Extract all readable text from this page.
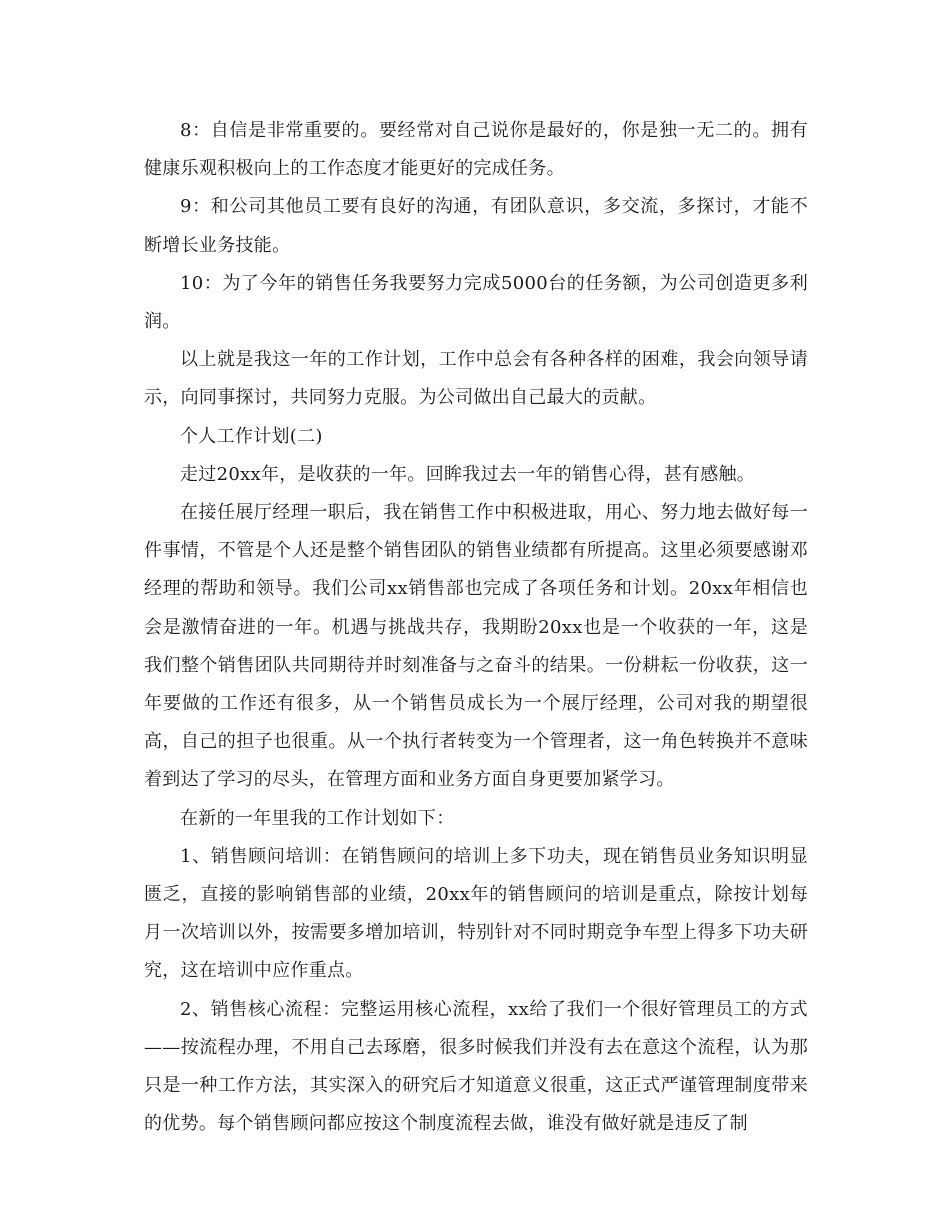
8：自信是非常重要的。要经常对自己说你是最好的，你是独一无二的。拥有健康乐观积极向上的工作态度才能更好的完成任务。

9：和公司其他员工要有良好的沟通，有团队意识，多交流，多探讨，才能不断增长业务技能。

10：为了今年的销售任务我要努力完成5000台的任务额，为公司创造更多利润。

以上就是我这一年的工作计划，工作中总会有各种各样的困难，我会向领导请示，向同事探讨，共同努力克服。为公司做出自己最大的贡献。

个人工作计划(二)

走过20xx年，是收获的一年。回眸我过去一年的销售心得，甚有感触。

在接任展厅经理一职后，我在销售工作中积极进取，用心、努力地去做好每一件事情，不管是个人还是整个销售团队的销售业绩都有所提高。这里必须要感谢邓经理的帮助和领导。我们公司xx销售部也完成了各项任务和计划。20xx年相信也会是激情奋进的一年。机遇与挑战共存，我期盼20xx也是一个收获的一年，这是我们整个销售团队共同期待并时刻准备与之奋斗的结果。一份耕耘一份收获，这一年要做的工作还有很多，从一个销售员成长为一个展厅经理，公司对我的期望很高，自己的担子也很重。从一个执行者转变为一个管理者，这一角色转换并不意味着到达了学习的尽头，在管理方面和业务方面自身更要加紧学习。

在新的一年里我的工作计划如下：

1、销售顾问培训：在销售顾问的培训上多下功夫，现在销售员业务知识明显匮乏，直接的影响销售部的业绩，20xx年的销售顾问的培训是重点，除按计划每月一次培训以外，按需要多增加培训，特别针对不同时期竞争车型上得多下功夫研究，这在培训中应作重点。

2、销售核心流程：完整运用核心流程，xx给了我们一个很好管理员工的方式——按流程办理，不用自己去琢磨，很多时候我们并没有去在意这个流程，认为那只是一种工作方法，其实深入的研究后才知道意义很重，这正式严谨管理制度带来的优势。每个销售顾问都应按这个制度流程去做，谁没有做好就是违反了制
